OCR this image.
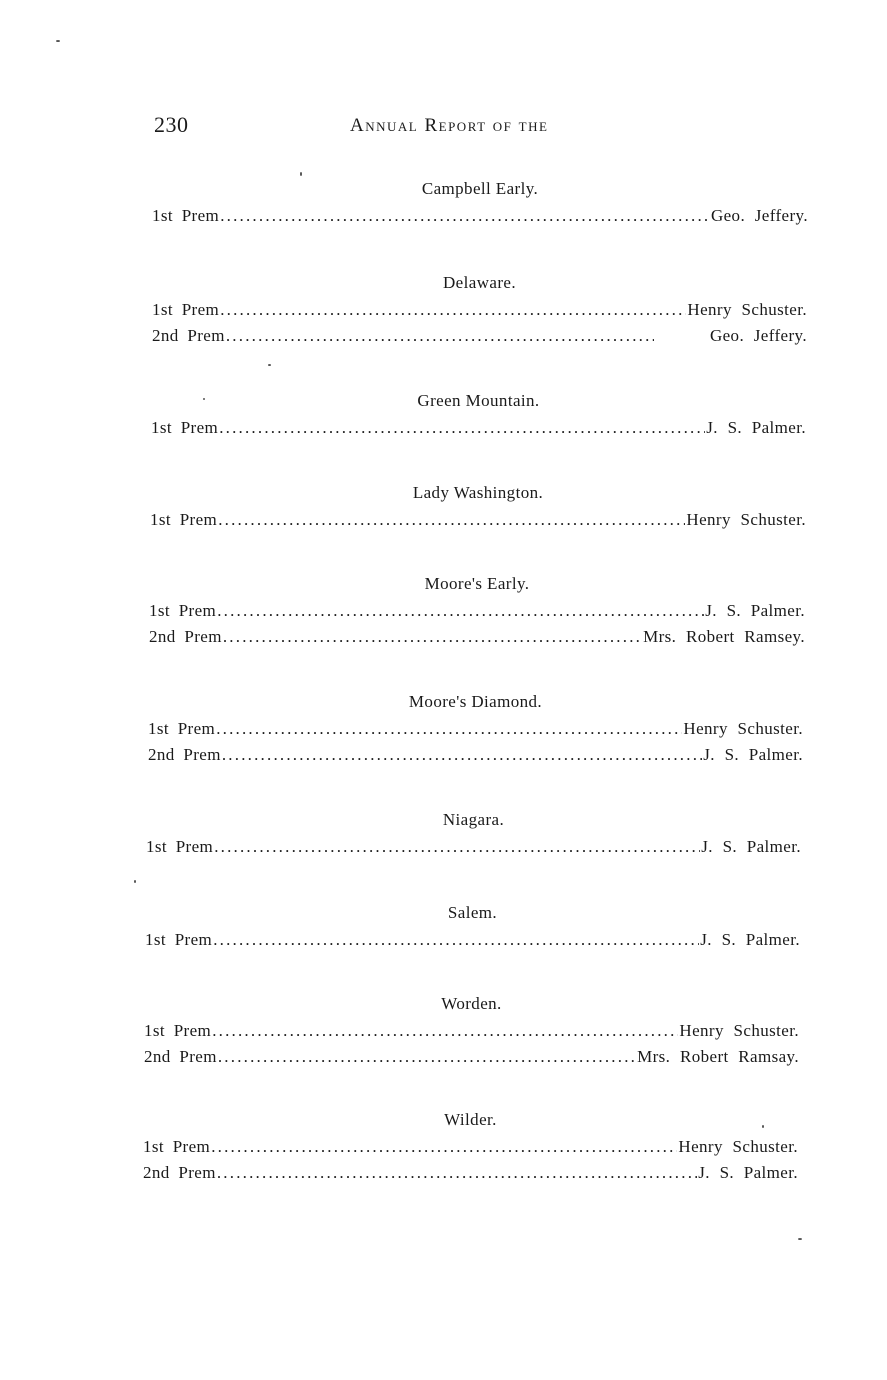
230	Annual Report of the
Campbell Early.
1st Prem .....	Geo. Jeffery.
Delaware.
1st Prem .....	Henry Schuster.
2nd Prem .....	Geo. Jeffery.
Green Mountain.
1st Prem .....	J. S. Palmer.
Lady Washington.
1st Prem .....	Henry Schuster.
Moore's Early.
1st Prem .....	J. S. Palmer.
2nd Prem .....	Mrs. Robert Ramsey.
Moore's Diamond.
1st Prem .....	Henry Schuster.
2nd Prem .....	J. S. Palmer.
Niagara.
1st Prem .....	J. S. Palmer.
Salem.
1st Prem .....	J. S. Palmer.
Worden.
1st Prem .....	Henry Schuster.
2nd Prem .....	Mrs. Robert Ramsay.
Wilder.
1st Prem .....	Henry Schuster.
2nd Prem .....	J. S. Palmer.
